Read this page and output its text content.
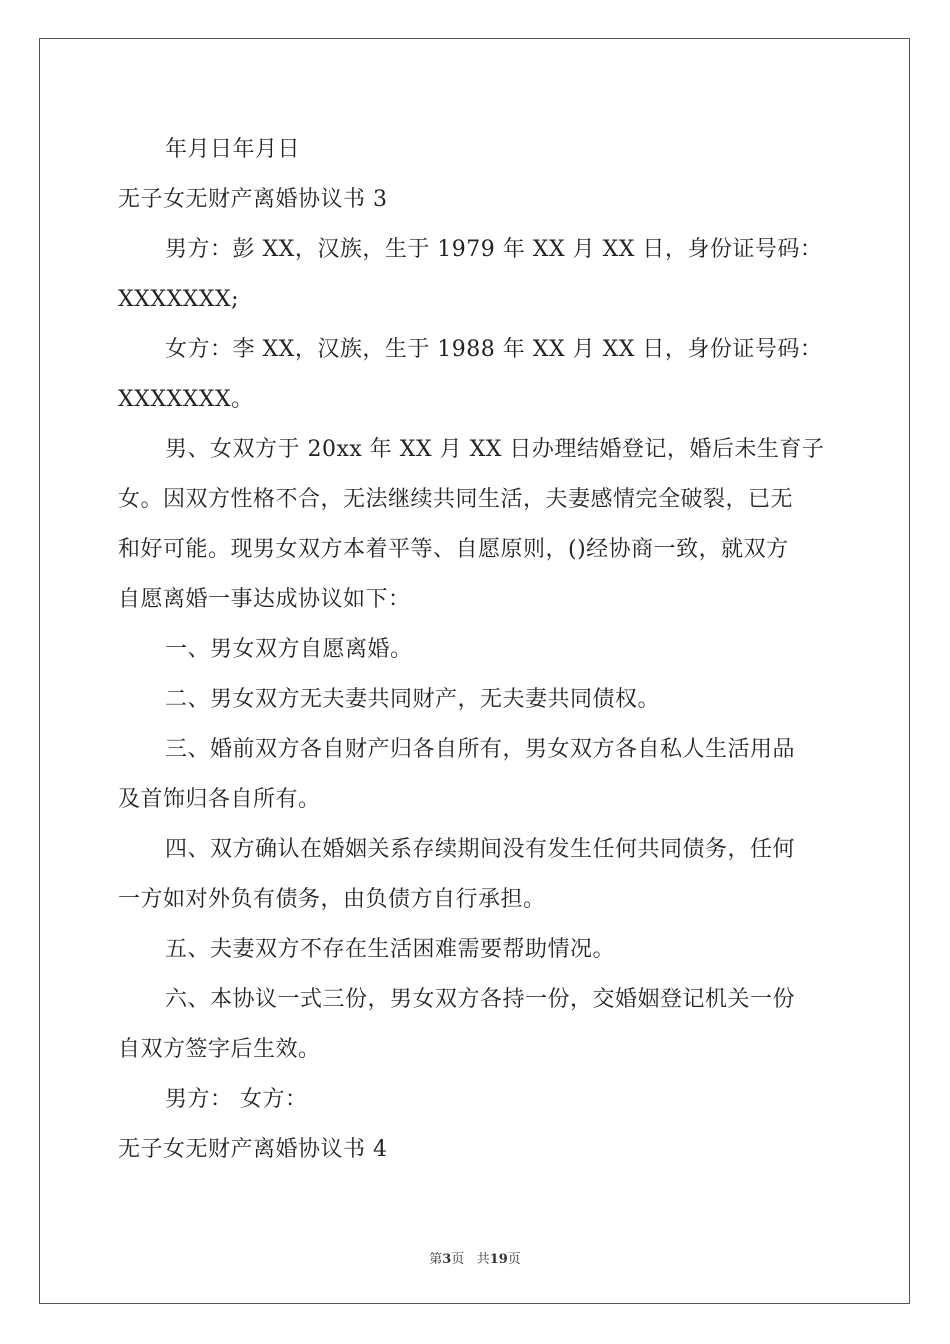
年月日年月日
无子女无财产离婚协议书 3
男方：彭 XX，汉族，生于 1979 年 XX 月 XX 日，身份证号码：
XXXXXXX;
女方：李 XX，汉族，生于 1988 年 XX 月 XX 日，身份证号码：
XXXXXXX。
男、女双方于 20xx 年 XX 月 XX 日办理结婚登记，婚后未生育子
女。因双方性格不合，无法继续共同生活，夫妻感情完全破裂，已无
和好可能。现男女双方本着平等、自愿原则，()经协商一致，就双方
自愿离婚一事达成协议如下：
一、男女双方自愿离婚。
二、男女双方无夫妻共同财产，无夫妻共同债权。
三、婚前双方各自财产归各自所有，男女双方各自私人生活用品
及首饰归各自所有。
四、双方确认在婚姻关系存续期间没有发生任何共同债务，任何
一方如对外负有债务，由负债方自行承担。
五、夫妻双方不存在生活困难需要帮助情况。
六、本协议一式三份，男女双方各持一份，交婚姻登记机关一份
自双方签字后生效。
男方： 女方：
无子女无财产离婚协议书 4
第3页 共19页
